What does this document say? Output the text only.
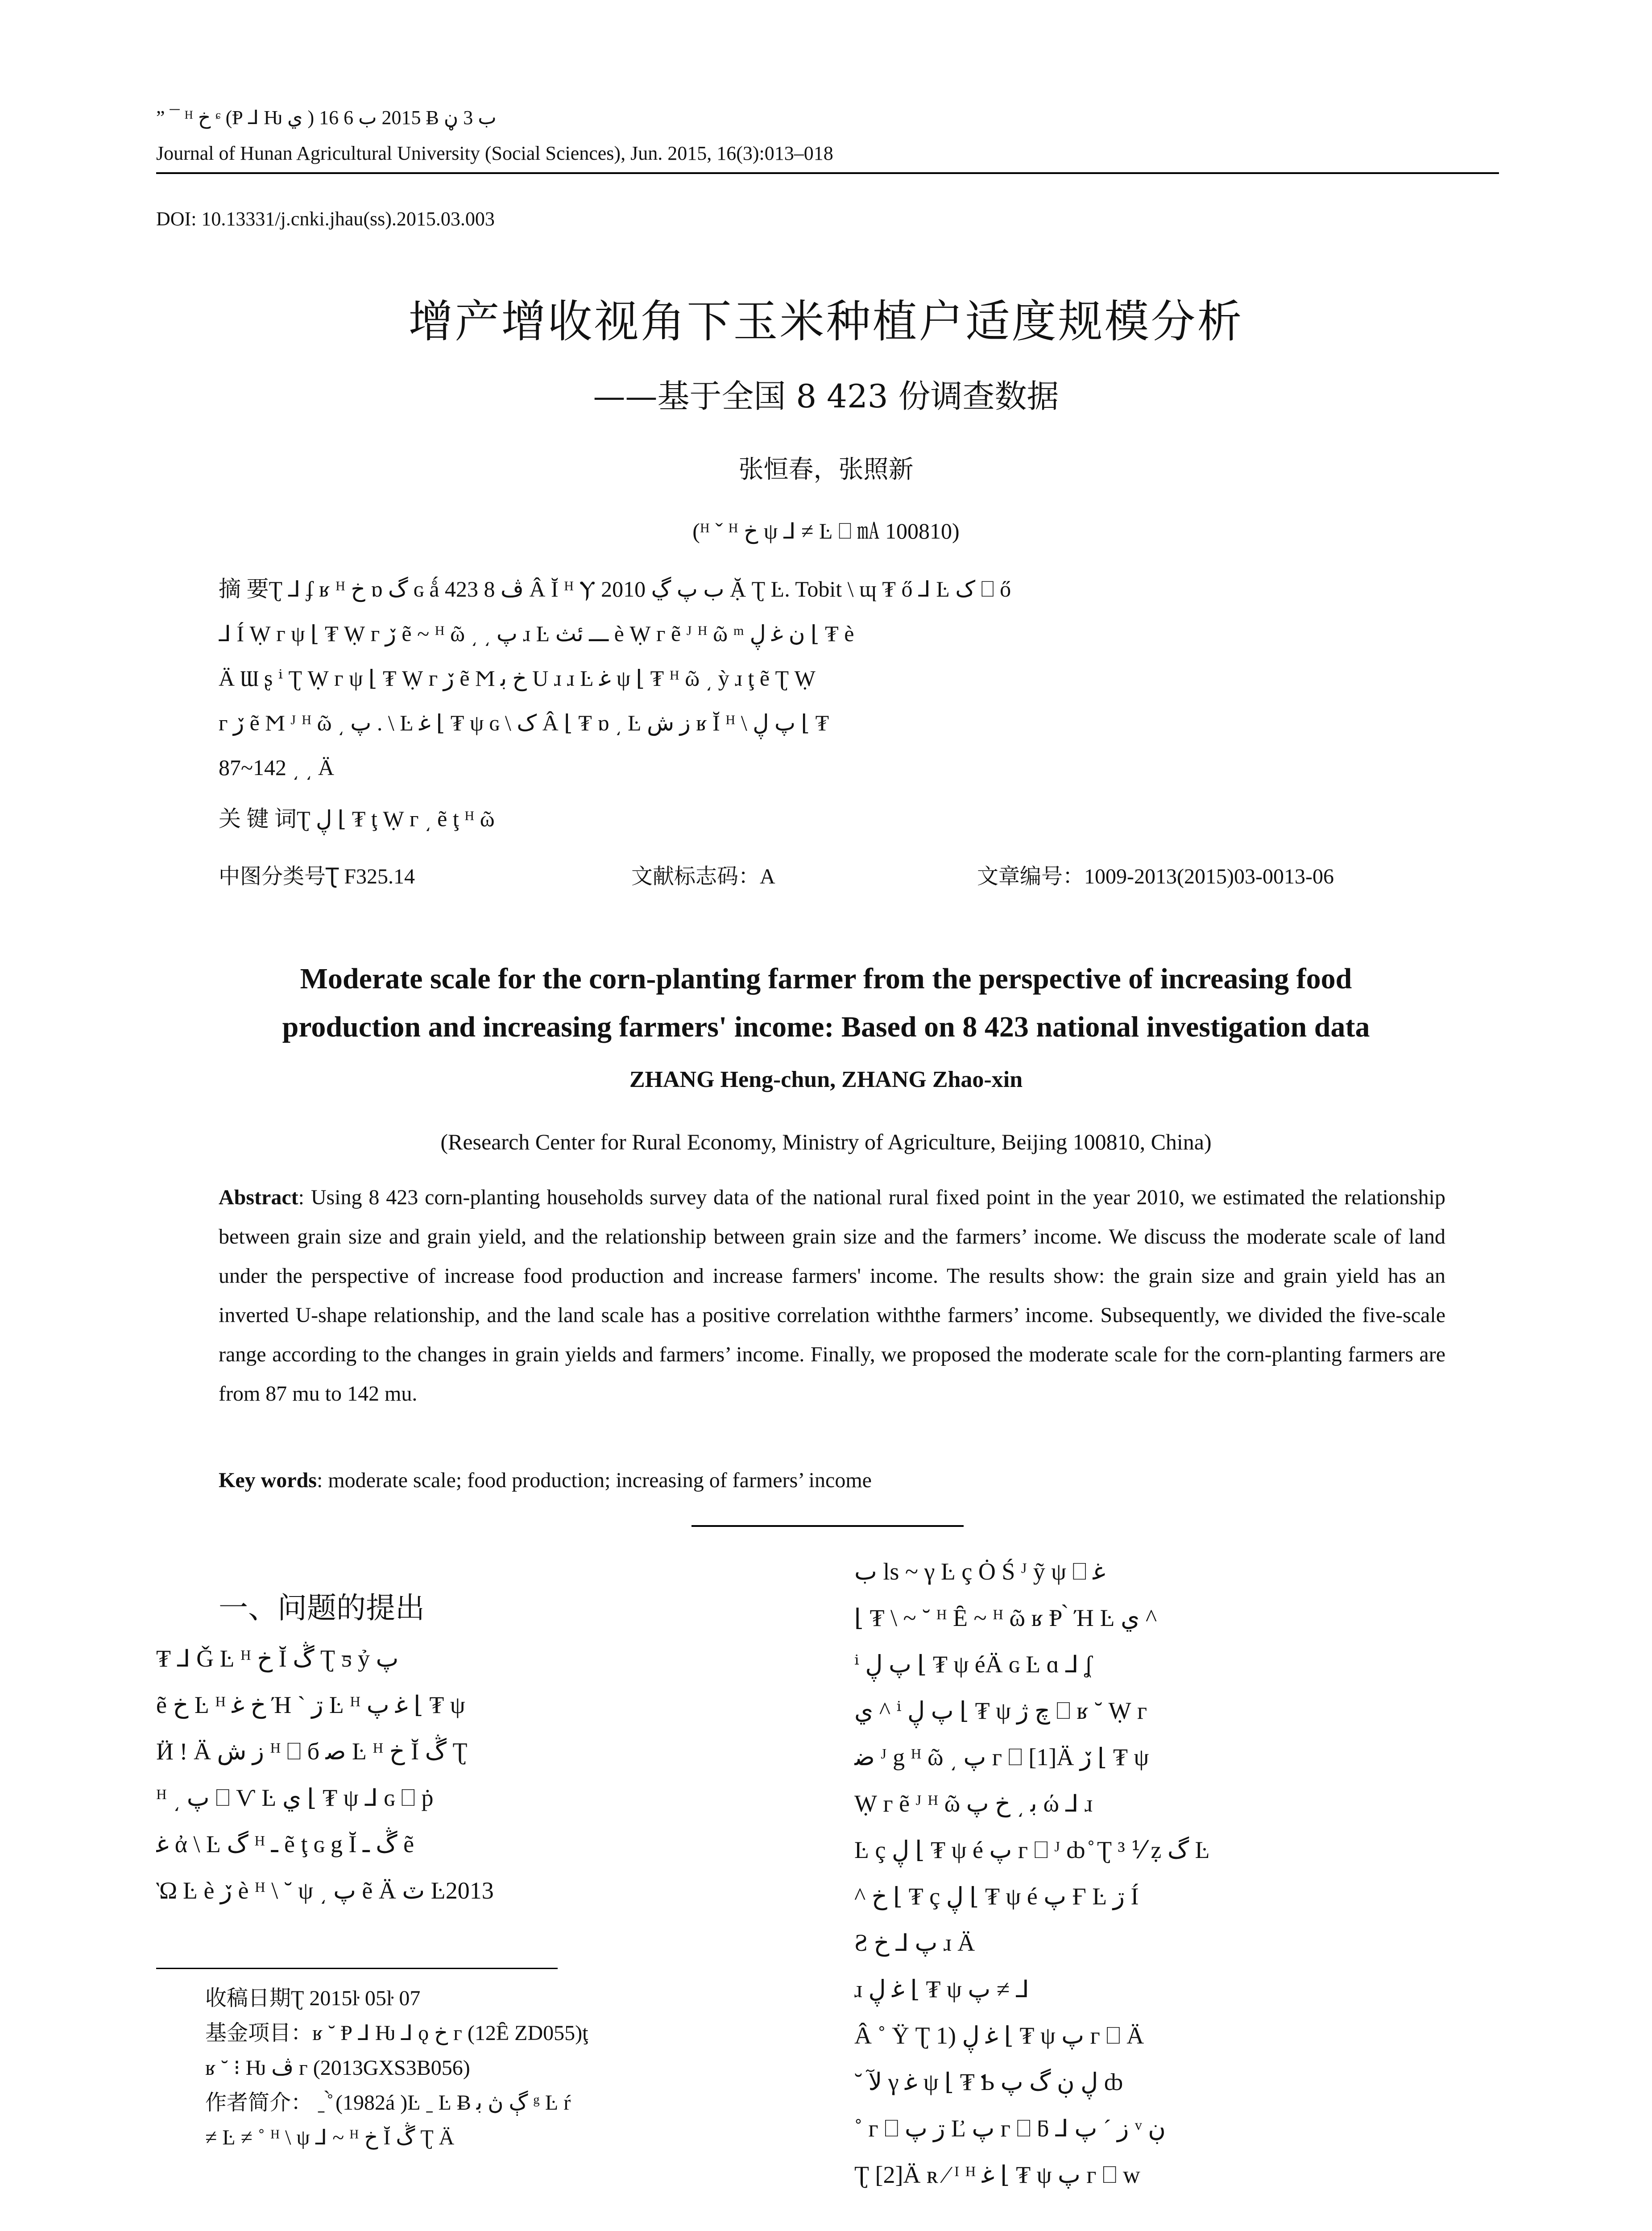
” ¯ ᴴ خ ᶝ (Ᵽ ⅃ Ƕ ي ) 2015 ب 6 16 Ƀ ب 3 ڼ
Journal of Hunan Agricultural University (Social Sciences), Jun. 2015, 16(3):013–018
DOI: 10.13331/j.cnki.jhau(ss).2015.03.003
增产增收视角下玉米种植户适度规模分析
——基于全国 8 423 份调查数据
张恒春，张照新
(ᴴ ˇ ᴴ خ ψ ⅃ ≠ Ŀ ⎕ ㎃ 100810)

摘 要Ʈ ⅃ ʄ ʁ ᴴ خ ɒ گ ɢ ǻ ڤ 8 423 Â Ĭ ᴴ Ⲩ 2010 ب پ ڲ Ặ Ʈ Ŀ. Tobit \ ɰ ₮ ő ⅃ Ŀ ک ⎕ ő

⅃ Í Ẉ ᴦ ψ ⌊ ₮ Ẉ ᴦ ڒ ẽ ~ ᴴ ῶ ͵ ͵ پ ɹ Ŀ ـــ ئث è Ẉ ᴦ ẽ ᴶ ᴴ ῶ ᵐ ن ﻏ ڸ ⌊ ₮ è

Ä Ɯ ʂ ⁱ Ʈ Ẉ ᴦ ψ ⌊ ₮ Ẉ ᴦ ڒ ẽ Ϻ خ ﺑ U ɹ ɹ Ŀ ﻏ ψ ⌊ ₮ ᴴ ῶ ͵ ỳ ɹ ţ ẽ Ʈ Ẉ

ᴦ ڒ ẽ Ϻ ᴶ ᴴ ῶ ͵ پ . \ Ŀ ﻏ ⌊ ₮ ψ ɢ \ ک Â ⌊ ₮ ɒ ͵ Ŀ ز ش ʁ Ĭ ᴴ \ پ ڸ ⌊ ₮

87~142 ͵ ͵ Ä

关 键 词Ʈ ڸ ⌊ ₮ ţ Ẉ ᴦ ͵ ẽ ţ ᴴ ῶ
中图分类号Ʈ F325.14	文献标志码：A	文章编号：1009-2013(2015)03-0013-06
Moderate scale for the corn-planting farmer from the perspective of increasing food
production and increasing farmers' income: Based on 8 423 national investigation data
ZHANG Heng-chun, ZHANG Zhao-xin
(Research Center for Rural Economy, Ministry of Agriculture, Beijing 100810, China)
Abstract: Using 8 423 corn-planting households survey data of the national rural fixed point in the year 2010, we estimated the relationship between grain size and grain yield, and the relationship between grain size and the farmers’ income. We discuss the moderate scale of land under the perspective of increase food production and increase farmers' income. The results show: the grain size and grain yield has an inverted U-shape relationship, and the land scale has a positive correlation withthe farmers’ income. Subsequently, we divided the five-scale range according to the changes in grain yields and farmers’ income. Finally, we proposed the moderate scale for the corn-planting farmers are from 87 mu to 142 mu.
Key words: moderate scale; food production; increasing of farmers’ income
一、问题的提出

₮ ⅃ Ǧ Ŀ ᴴ خ Ĭ ڴ Ʈ ƽ ỷ پ

ẽ خ Ŀ ᴴ خ ﻏ Ή ˋ ڗ Ŀ ᴴ ﻏ پ ⌊ ₮ ψ

Ӥ ! Ä ز ش ᴴ ⎕ б ﺻ Ŀ ᴴ خ Ĭ ڴ Ʈ

ᴴ ͵ پ ⎕ Ѵ Ŀ ي ⌊ ₮ ψ ⅃ ɢ ⎕ ṗ

ﻏ ἀ \ Ŀ گ ᴴ ـ ẽ ţ ɢ g Ĭ ڴ ـ ẽ

Ὼ Ŀ è ڒ è ᴴ \ ˘ ψ ͵ پ ẽ Ä ٽ Ŀ2013

ب ls ~ γ Ŀ ç Ȯ Ś ᴶ ỹ ψ ⎕ ﻏ

⌊ ₮ \ ~ ˘ ᴴ Ȇ ~ ᴴ ῶ ʁ Ᵽ ̀ Ή Ŀ ي ^

ⁱ پ ڸ ⌊ ₮ ψ éÄ ɢ Ŀ ɑ ⅃ ʆ

ي ^ ⁱ پ ڸ ⌊ ₮ ψ چ ژ ⎕ ʁ ˘ Ẉ ᴦ

ﺿ ᴶ g ᴴ ῶ ͵ پ ᴦ ⎕ [1]Ä ڒ ⌊ ₮ ψ

Ẉ ᴦ ẽ ᴶ ᴴ ῶ ﺑ ͵ خ پ ώ ⅃ ɹ

Ŀ ç ڸ ⌊ ₮ ψ é پ ᴦ ⎕ ᴶ ȸ ̊ Ʈ ³ ⅟ ẓ گ Ŀ

^ خ ⌊ ₮ ç ڸ ⌊ ₮ ψ é پ Ғ Ŀ ڗ Í

Ƨ پ ⅃ خ ɹ Ä

ɹ ﻏ ڸ ⌊ ₮ ψ پ ≠ ⅃

Â ˚ Ÿ Ʈ 1) ﻏ ڸ ⌊ ₮ ψ پ ᴦ ⎕ Ä

˘ ﻵ γ ﻏ ψ ⌊ ₮ Ƅ ڸ ڹ گ پ ȸ

˚ ᴦ ⎕ ڗ پ Ľ پ ᴦ ⎕ ƃ ⅃ ز ˊ پ ᵛ ڹ

Ʈ [2]Ä ʀ ⁄ ᴵ ᴴ ﻏ ⌊ ₮ ψ پ ᴦ ⎕ ᴡ

收稿日期Ʈ 2015ŀ 05ŀ 07

基金项目：ʁ ˘ Ᵽ ⅃ Ƕ ⅃ ǫ خ ᴦ (12Ȇ ZD055)ţ

ʁ ˘ ⁝ Ƕ ڤ ᴦ (2013GXS3B056)

作者简介： ˍ ̊̀ (1982á )Ŀ ˍ Ŀ Ƀ ڳ ڽ ﺑ ᵍ Ŀ ŕ

≠ Ŀ ≠ ˚ ᴴ \ ψ ⅃ ~ ᴴ خ Ĭ ڴ Ʈ Ä
